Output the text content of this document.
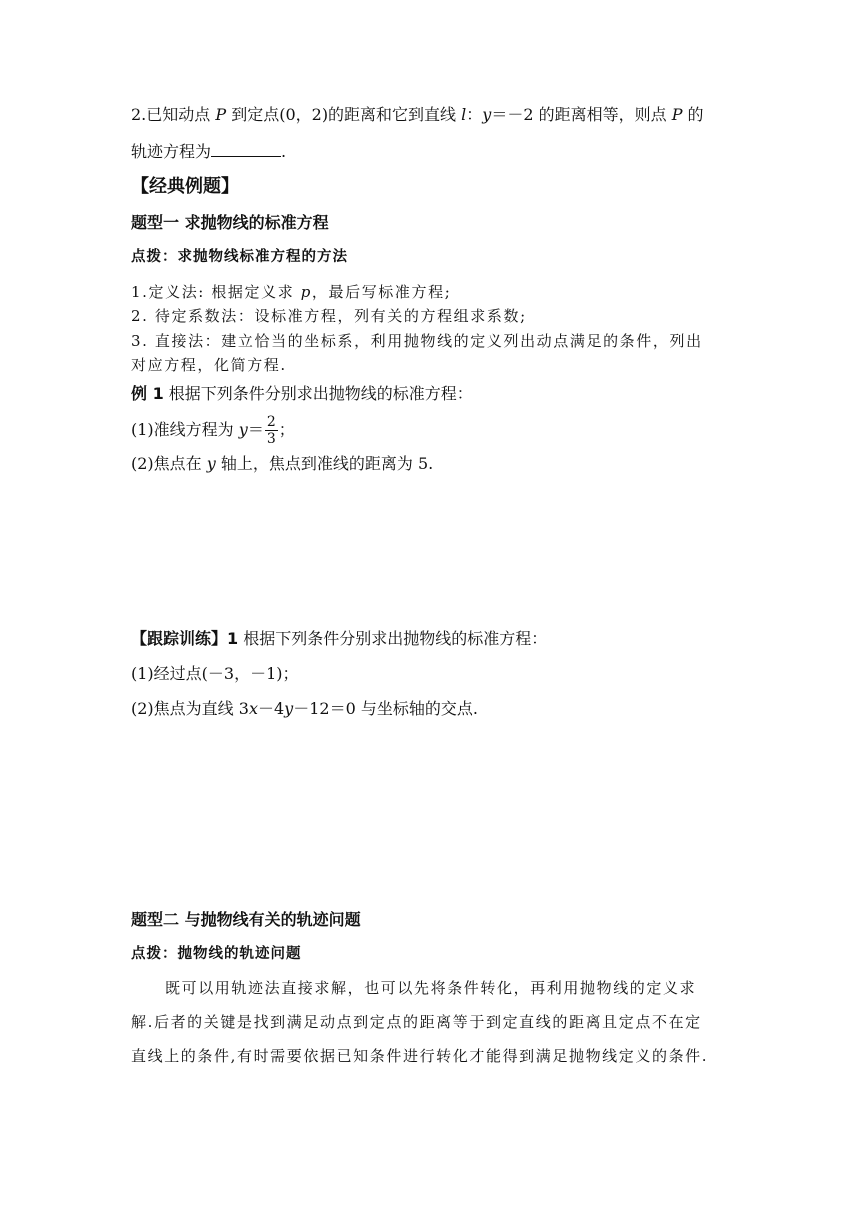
2.已知动点 P 到定点(0，2)的距离和它到直线 l：y＝－2 的距离相等，则点 P 的
轨迹方程为	.
【经典例题】
题型一 求抛物线的标准方程
点拨：求抛物线标准方程的方法
1.定义法: 根据定义求 p，最后写标准方程;
2. 待定系数法：设标准方程，列有关的方程组求系数;
3. 直接法：建立恰当的坐标系，利用抛物线的定义列出动点满足的条件，列出
对应方程，化简方程.
例 1 根据下列条件分别求出抛物线的标准方程：
(1)准线方程为 $y= \frac{2}{3}$ ；
(2)焦点在 y 轴上，焦点到准线的距离为 5.
【跟踪训练】1 根据下列条件分别求出抛物线的标准方程：
(1)经过点(－3，－1)；
(2)焦点为直线 3x－4y－12＝0 与坐标轴的交点.
题型二 与抛物线有关的轨迹问题
点拨：抛物线的轨迹问题
既可以用轨迹法直接求解，也可以先将条件转化，再利用抛物线的定义求
解.后者的关键是找到满足动点到定点的距离等于到定直线的距离且定点不在定
直线上的条件,有时需要依据已知条件进行转化才能得到满足抛物线定义的条件.
